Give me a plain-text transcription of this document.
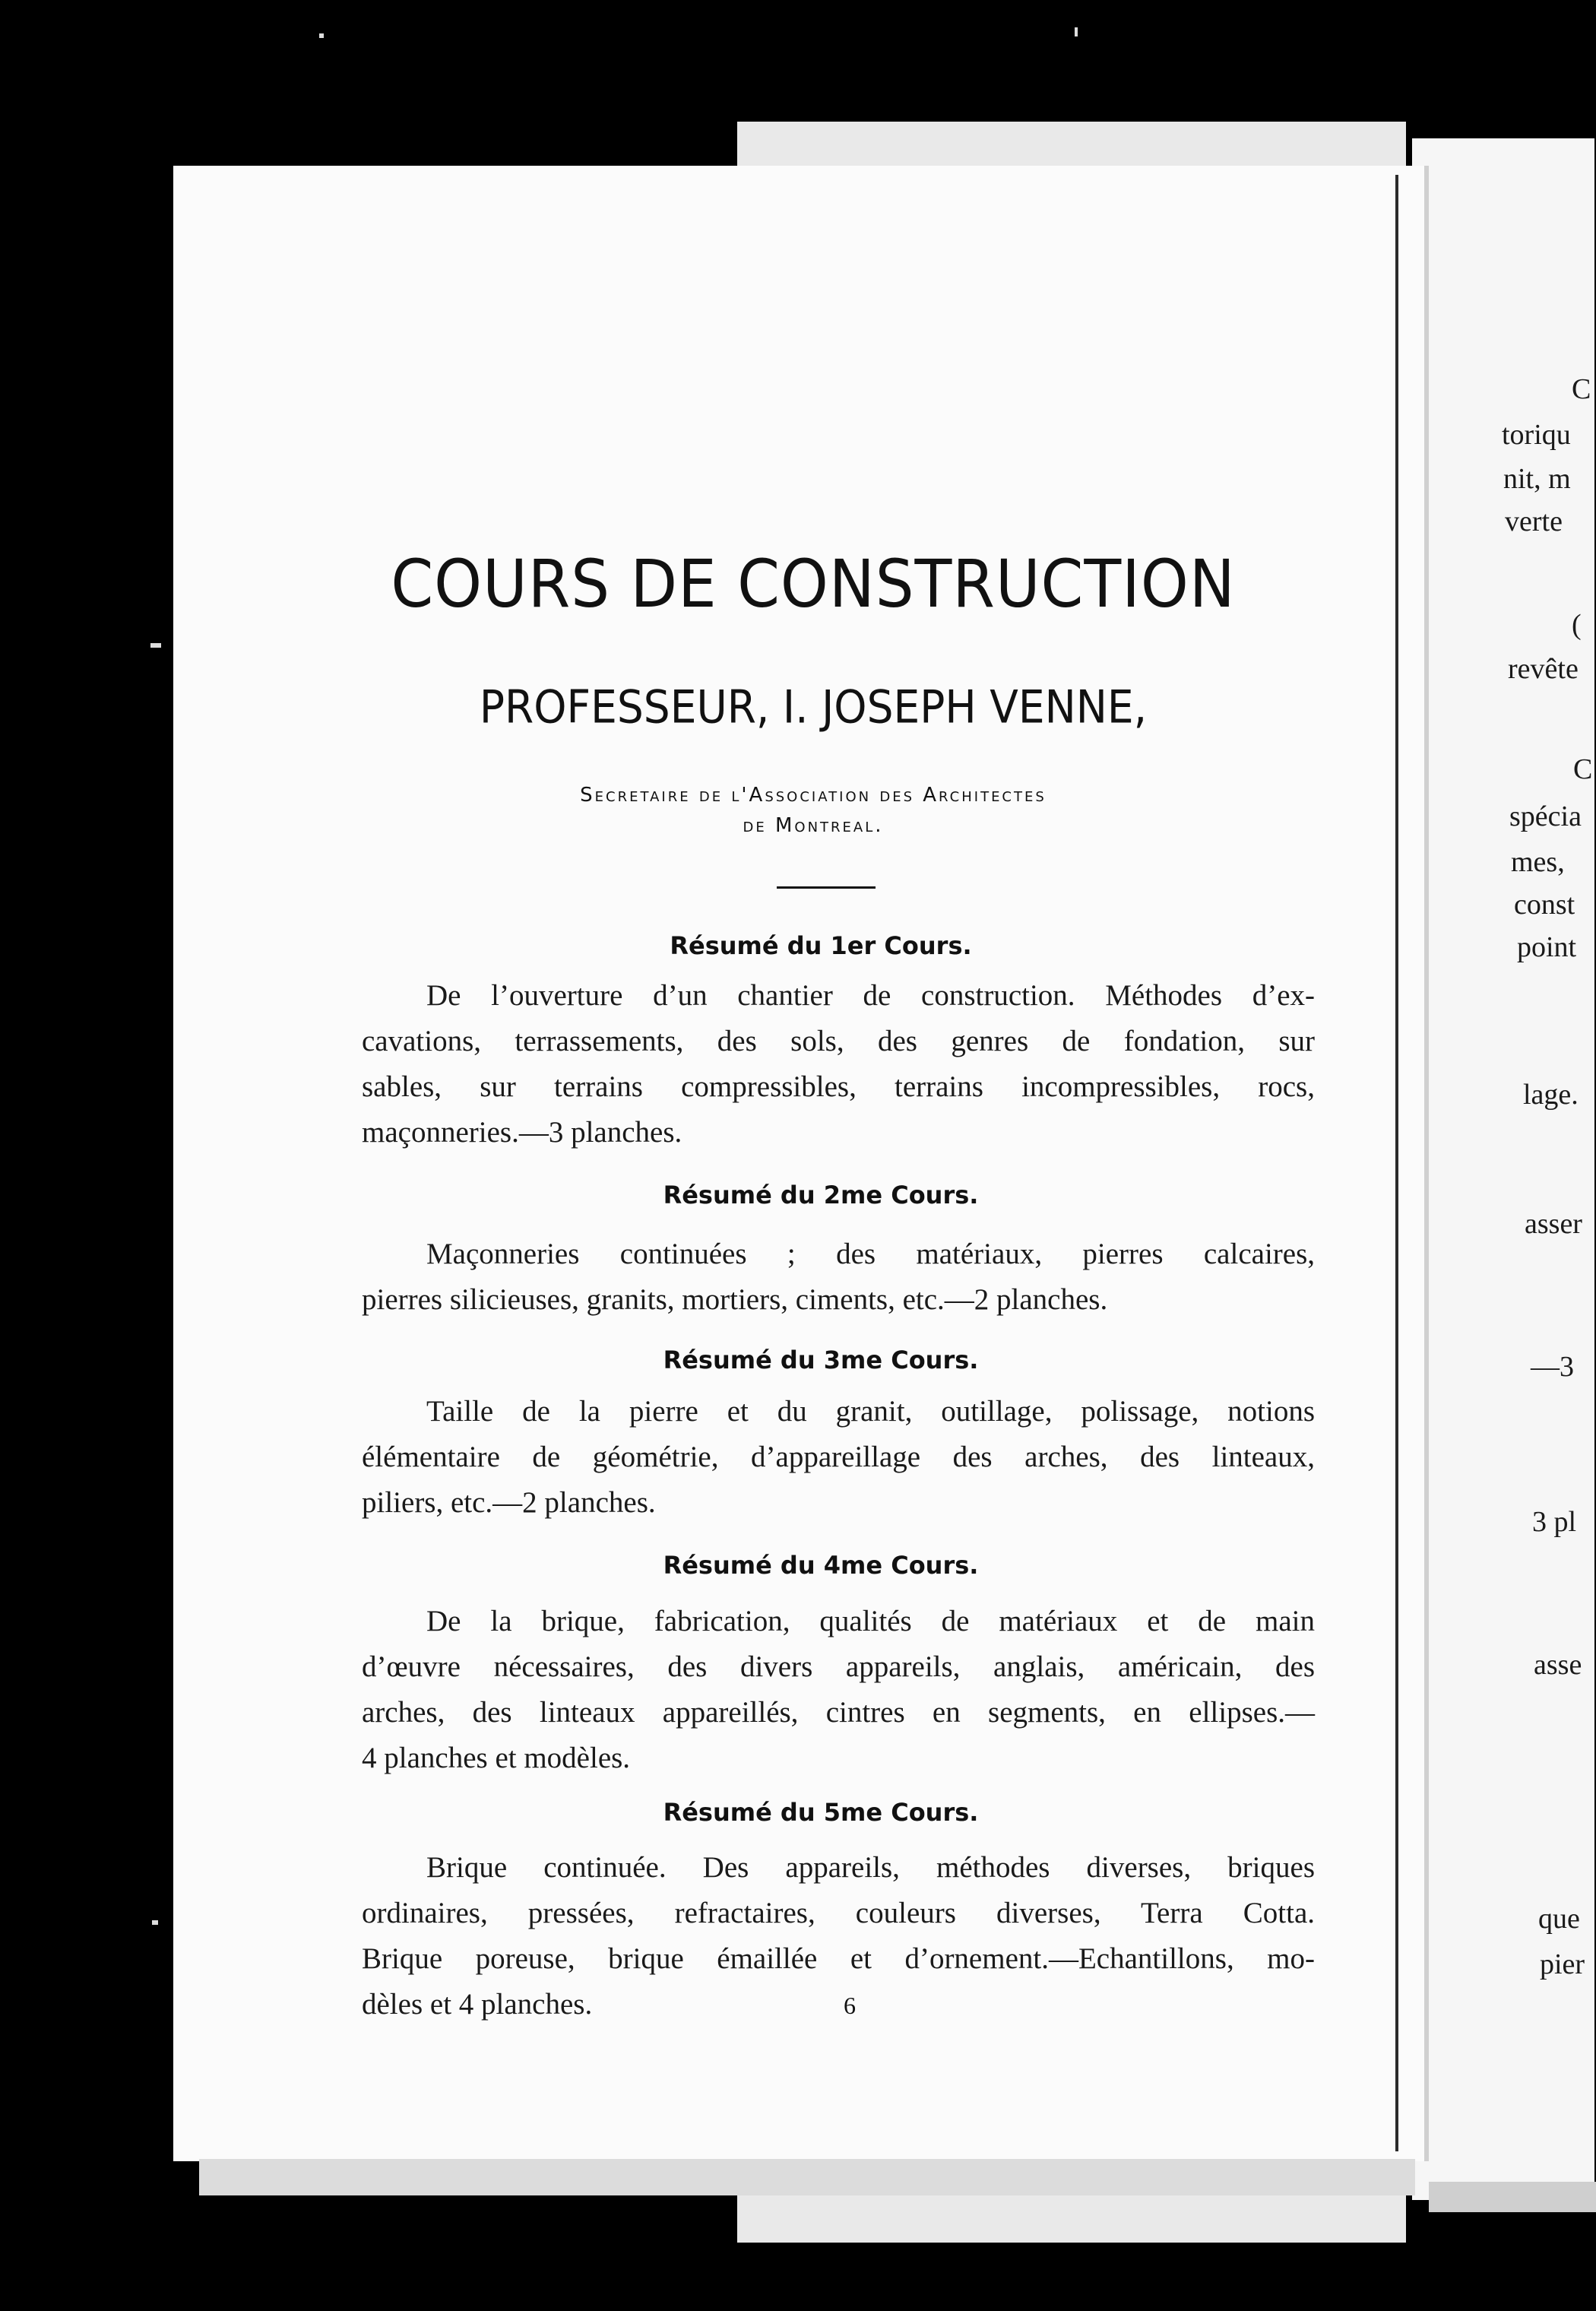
COURS DE CONSTRUCTION
PROFESSEUR, I. JOSEPH VENNE,
Secretaire de l'Association des Architectes
de Montreal.
Résumé du 1er Cours.
De l’ouverture d’un chantier de construction. Méthodes d’ex-
cavations, terrassements, des sols, des genres de fondation, sur
sables, sur terrains compressibles, terrains incompressibles, rocs,
maçonneries.—3 planches.
Résumé du 2me Cours.
Maçonneries continuées ; des matériaux, pierres calcaires,
pierres silicieuses, granits, mortiers, ciments, etc.—2 planches.
Résumé du 3me Cours.
Taille de la pierre et du granit, outillage, polissage, notions
élémentaire de géométrie, d’appareillage des arches, des linteaux,
piliers, etc.—2 planches.
Résumé du 4me Cours.
De la brique, fabrication, qualités de matériaux et de main
d’œuvre nécessaires, des divers appareils, anglais, américain, des
arches, des linteaux appareillés, cintres en segments, en ellipses.—
4 planches et modèles.
Résumé du 5me Cours.
Brique continuée. Des appareils, méthodes diverses, briques
ordinaires, pressées, refractaires, couleurs diverses, Terra Cotta.
Brique poreuse, brique émaillée et d’ornement.—Echantillons, mo-
dèles et 4 planches.	6
C
toriqu
nit, m
verte
(
revête
C
spécia
mes,
const
point
lage.
asser
—3
3 pl
asse
que
pier
